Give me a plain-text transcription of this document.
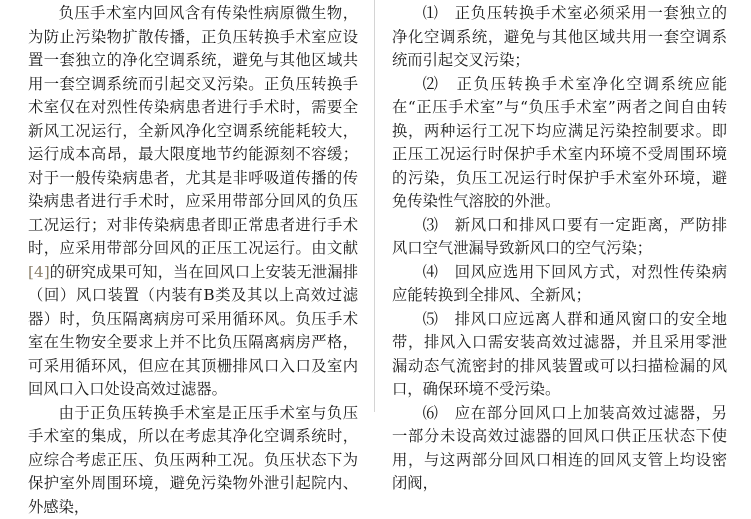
负压手术室内回风含有传染性病原微生物，为防止污染物扩散传播，正负压转换手术室应设置一套独立的净化空调系统，避免与其他区域共用一套空调系统而引起交叉污染。正负压转换手术室仅在对烈性传染病患者进行手术时，需要全新风工况运行，全新风净化空调系统能耗较大，运行成本高昂，最大限度地节约能源刻不容缓；对于一般传染病患者，尤其是非呼吸道传播的传染病患者进行手术时，应采用带部分回风的负压工况运行；对非传染病患者即正常患者进行手术时，应采用带部分回风的正压工况运行。由文献[4]的研究成果可知，当在回风口上安装无泄漏排（回）风口装置（内装有B类及其以上高效过滤器）时，负压隔离病房可采用循环风。负压手术室在生物安全要求上并不比负压隔离病房严格，可采用循环风，但应在其顶栅排风口入口及室内回风口入口处设高效过滤器。

由于正负压转换手术室是正压手术室与负压手术室的集成，所以在考虑其净化空调系统时，应综合考虑正压、负压两种工况。负压状态下为保护室外周围环境，避免污染物外泄引起院内、外感染，

⑴　正负压转换手术室必须采用一套独立的净化空调系统，避免与其他区域共用一套空调系统而引起交叉污染；

⑵　正负压转换手术室净化空调系统应能在“正压手术室”与“负压手术室”两者之间自由转换，两种运行工况下均应满足污染控制要求。即正压工况运行时保护手术室内环境不受周围环境的污染，负压工况运行时保护手术室外环境，避免传染性气溶胶的外泄。

⑶　新风口和排风口要有一定距离，严防排风口空气泄漏导致新风口的空气污染；

⑷　回风应选用下回风方式，对烈性传染病应能转换到全排风、全新风；

⑸　排风口应远离人群和通风窗口的安全地带，排风入口需安装高效过滤器，并且采用零泄漏动态气流密封的排风装置或可以扫描检漏的风口，确保环境不受污染。

⑹　应在部分回风口上加装高效过滤器，另一部分未设高效过滤器的回风口供正压状态下使用，与这两部分回风口相连的回风支管上均设密闭阀，
